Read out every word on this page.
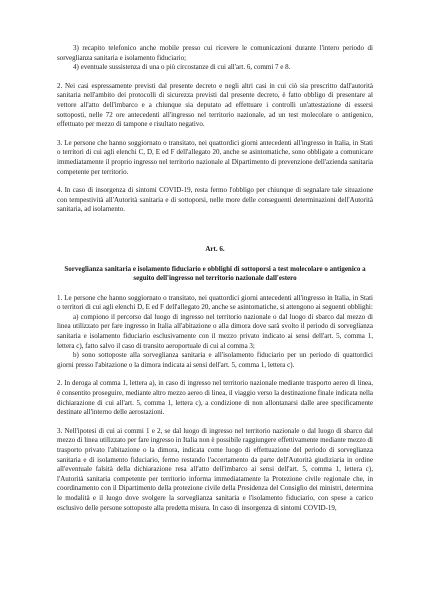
3) recapito telefonico anche mobile presso cui ricevere le comunicazioni durante l'intero periodo di sorveglianza sanitaria e isolamento fiduciario;

4) eventuale sussistenza di una o più circostanze di cui all'art. 6, commi 7 e 8.

2. Nei casi espressamente previsti dal presente decreto e negli altri casi in cui ciò sia prescritto dall'autorità sanitaria nell'ambito dei protocolli di sicurezza previsti dal presente decreto, è fatto obbligo di presentare al vettore all'atto dell'imbarco e a chiunque sia deputato ad effettuare i controlli un'attestazione di essersi sottoposti, nelle 72 ore antecedenti all'ingresso nel territorio nazionale, ad un test molecolare o antigenico, effettuato per mezzo di tampone e risultato negativo.

3. Le persone che hanno soggiornato o transitato, nei quattordici giorni antecedenti all'ingresso in Italia, in Stati o territori di cui agli elenchi C, D, E ed F dell'allegato 20, anche se asintomatiche, sono obbligate a comunicare immediatamente il proprio ingresso nel territorio nazionale al Dipartimento di prevenzione dell'azienda sanitaria competente per territorio.

4. In caso di insorgenza di sintomi COVID-19, resta fermo l'obbligo per chiunque di segnalare tale situazione con tempestività all'Autorità sanitaria e di sottoporsi, nelle more delle conseguenti determinazioni dell'Autorità sanitaria, ad isolamento.

Art. 6.
Sorveglianza sanitaria e isolamento fiduciario e obblighi di sottoporsi a test molecolare o antigenico a seguito dell'ingresso nel territorio nazionale dall'estero

1. Le persone che hanno soggiornato o transitato, nei quattordici giorni antecedenti all'ingresso in Italia, in Stati o territori di cui agli elenchi D, E ed F dell'allegato 20, anche se asintomatiche, si attengono ai seguenti obblighi:

a) compiono il percorso dal luogo di ingresso nel territorio nazionale o dal luogo di sbarco dal mezzo di linea utilizzato per fare ingresso in Italia all'abitazione o alla dimora dove sarà svolto il periodo di sorveglianza sanitaria e isolamento fiduciario esclusivamente con il mezzo privato indicato ai sensi dell'art. 5, comma 1, lettera c), fatto salvo il caso di transito aeroportuale di cui al comma 3;

b) sono sottoposte alla sorveglianza sanitaria e all'isolamento fiduciario per un periodo di quattordici giorni presso l'abitazione o la dimora indicata ai sensi dell'art. 5, comma 1, lettera c).

2. In deroga al comma 1, lettera a), in caso di ingresso nel territorio nazionale mediante trasporto aereo di linea, è consentito proseguire, mediante altro mezzo aereo di linea, il viaggio verso la destinazione finale indicata nella dichiarazione di cui all'art. 5, comma 1, lettera c), a condizione di non allontanarsi dalle aree specificamente destinate all'interno delle aerostazioni.

3. Nell'ipotesi di cui ai commi 1 e 2, se dal luogo di ingresso nel territorio nazionale o dal luogo di sbarco dal mezzo di linea utilizzato per fare ingresso in Italia non è possibile raggiungere effettivamente mediante mezzo di trasporto privato l'abitazione o la dimora, indicata come luogo di effettuazione del periodo di sorveglianza sanitaria e di isolamento fiduciario, fermo restando l'accertamento da parte dell'Autorità giudiziaria in ordine all'eventuale falsità della dichiarazione resa all'atto dell'imbarco ai sensi dell'art. 5, comma 1, lettera c), l'Autorità sanitaria competente per territorio informa immediatamente la Protezione civile regionale che, in coordinamento con il Dipartimento della protezione civile della Presidenza del Consiglio dei ministri, determina le modalità e il luogo dove svolgere la sorveglianza sanitaria e l'isolamento fiduciario, con spese a carico esclusivo delle persone sottoposte alla predetta misura. In caso di insorgenza di sintomi COVID-19,
